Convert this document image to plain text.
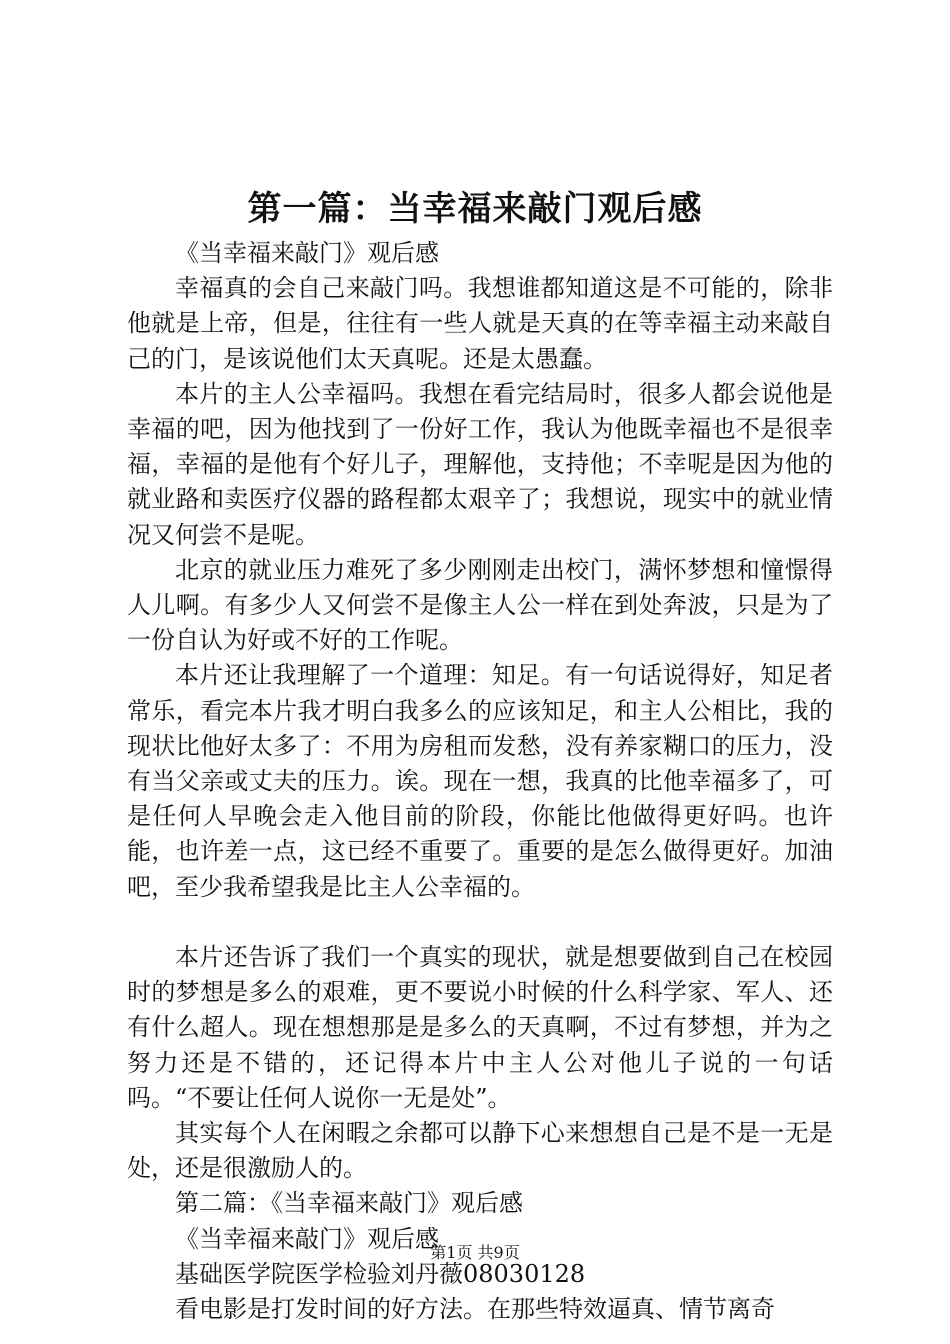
第一篇：当幸福来敲门观后感

《当幸福来敲门》观后感

幸福真的会自己来敲门吗。我想谁都知道这是不可能的，除非他就是上帝，但是，往往有一些人就是天真的在等幸福主动来敲自己的门，是该说他们太天真呢。还是太愚蠢。

本片的主人公幸福吗。我想在看完结局时，很多人都会说他是幸福的吧，因为他找到了一份好工作，我认为他既幸福也不是很幸福，幸福的是他有个好儿子，理解他，支持他；不幸呢是因为他的就业路和卖医疗仪器的路程都太艰辛了；我想说，现实中的就业情况又何尝不是呢。

北京的就业压力难死了多少刚刚走出校门，满怀梦想和憧憬得人儿啊。有多少人又何尝不是像主人公一样在到处奔波，只是为了一份自认为好或不好的工作呢。

本片还让我理解了一个道理：知足。有一句话说得好，知足者常乐，看完本片我才明白我多么的应该知足，和主人公相比，我的现状比他好太多了：不用为房租而发愁，没有养家糊口的压力，没有当父亲或丈夫的压力。诶。现在一想，我真的比他幸福多了，可是任何人早晚会走入他目前的阶段，你能比他做得更好吗。也许能，也许差一点，这已经不重要了。重要的是怎么做得更好。加油吧，至少我希望我是比主人公幸福的。

本片还告诉了我们一个真实的现状，就是想要做到自己在校园时的梦想是多么的艰难，更不要说小时候的什么科学家、军人、还有什么超人。现在想想那是是多么的天真啊，不过有梦想，并为之努力还是不错的，还记得本片中主人公对他儿子说的一句话吗。“不要让任何人说你一无是处”。

其实每个人在闲暇之余都可以静下心来想想自己是不是一无是处，还是很激励人的。

第二篇：《当幸福来敲门》观后感

《当幸福来敲门》观后感

基础医学院医学检验刘丹薇08030128

看电影是打发时间的好方法。在那些特效逼真、情节离奇

第1页 共9页
